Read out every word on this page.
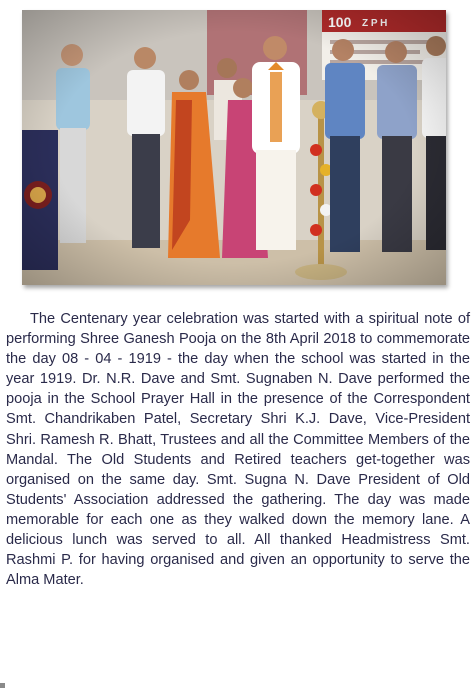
100 Z P H

The Centenary year celebration was started with a spiritual note of performing Shree Ganesh Pooja on the 8th April 2018 to commemorate the day 08 - 04 - 1919 - the day when the school was started in the year 1919. Dr. N.R. Dave and Smt. Sugnaben N. Dave performed the pooja in the School Prayer Hall in the presence of the Correspondent Smt. Chandrikaben Patel, Secretary Shri K.J. Dave, Vice-President Shri. Ramesh R. Bhatt, Trustees and all the Committee Members of the Mandal. The Old Students and Retired teachers get-together was organised on the same day. Smt. Sugna N. Dave President of Old Students' Association addressed the gathering. The day was made memorable for each one as they walked down the memory lane. A delicious lunch was served to all. All thanked Headmistress Smt. Rashmi P. for having organised and given an opportunity to serve the Alma Mater.
